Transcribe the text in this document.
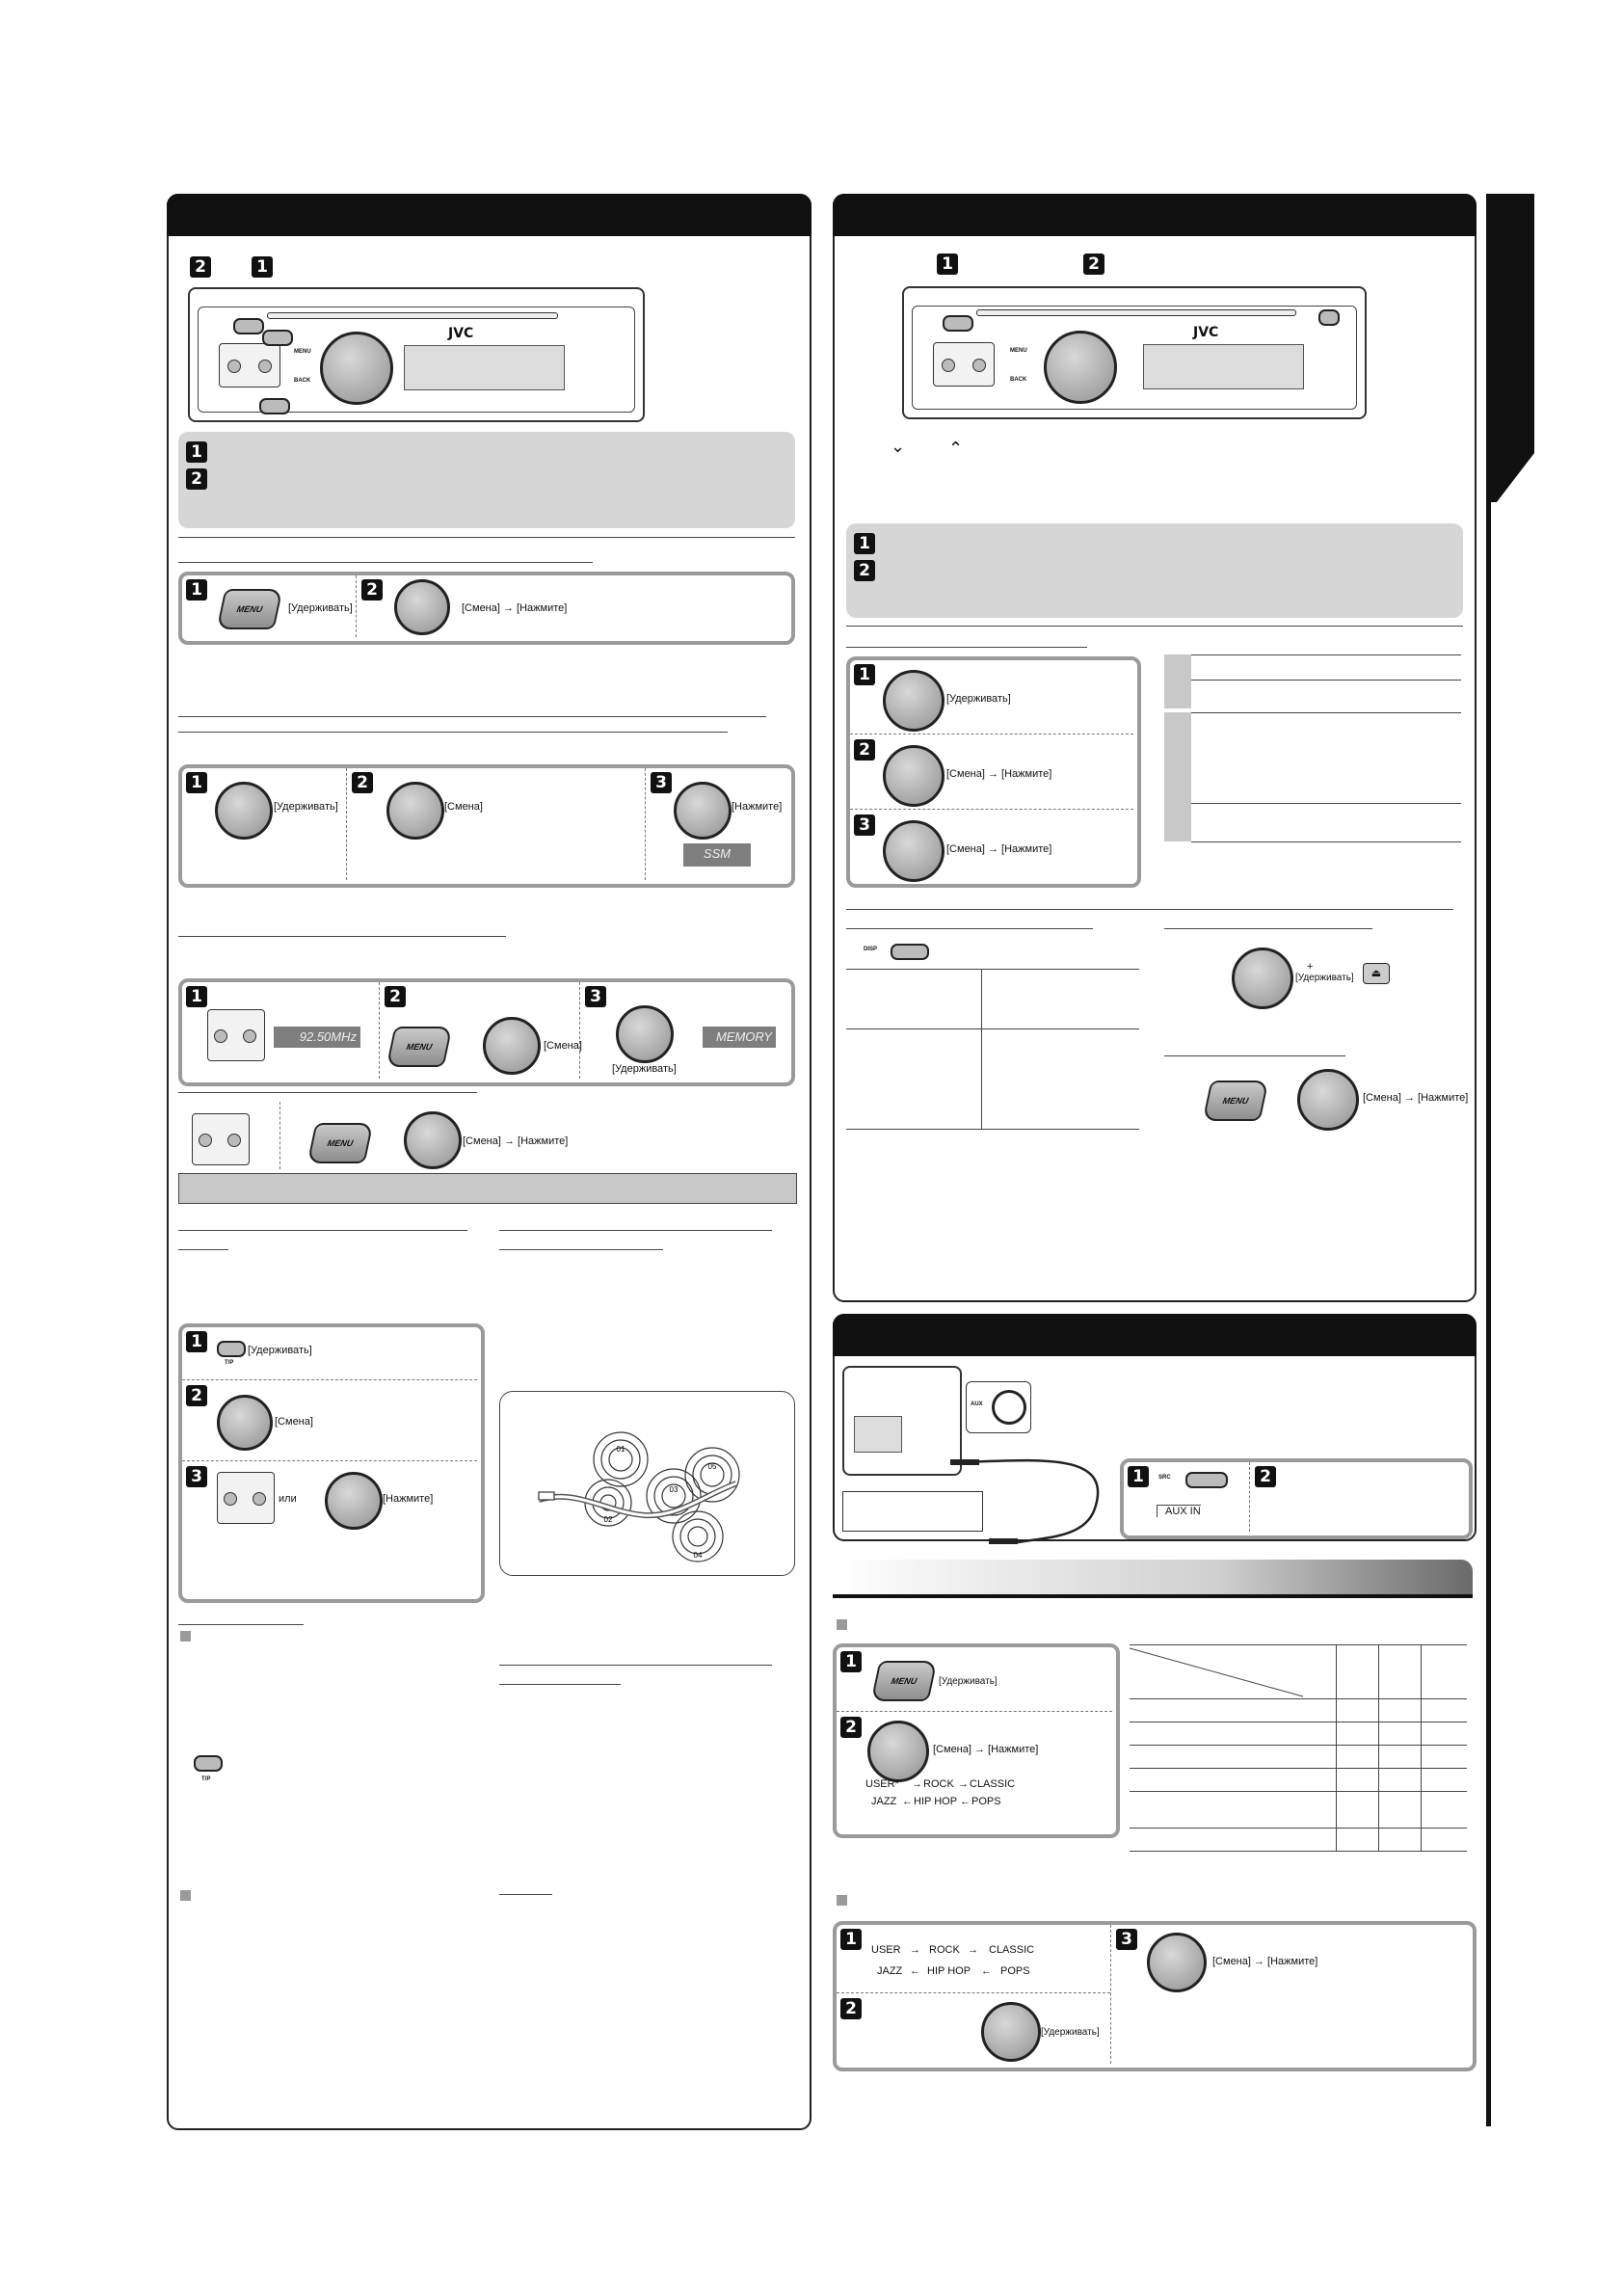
2	1
JVC
MENU
BACK
1
2
1
MENU	[Удерживать]
2
[Смена] → [Нажмите]
1
[Удерживать]
2
[Смена]
3
[Нажмите]
SSM
1
92.50MHz
2
MENU	[Смена]
3
[Удерживать]
MEMORY
MENU	[Смена] → [Нажмите]
1
T/P
[Удерживать]
2
[Смена]
3
или	[Нажмите]
01
02
03
04
05
T/P
1	2
JVC
MENU
BACK
⌄ ⌃
1
2
1
[Удерживать]
2
[Смена] → [Нажмите]
3
[Смена] → [Нажмите]
DISP
+
[Удерживать]	⏏
MENU	[Смена] → [Нажмите]
AUX
1	SRC
AUX IN
2
1
MENU	[Удерживать]
2
[Смена] → [Нажмите]
USER* → ROCK → CLASSIC
JAZZ ← HIP HOP ← POPS
1
USER → ROCK → CLASSIC
JAZZ ← HIP HOP ← POPS
2
[Удерживать]
3
[Смена] → [Нажмите]
